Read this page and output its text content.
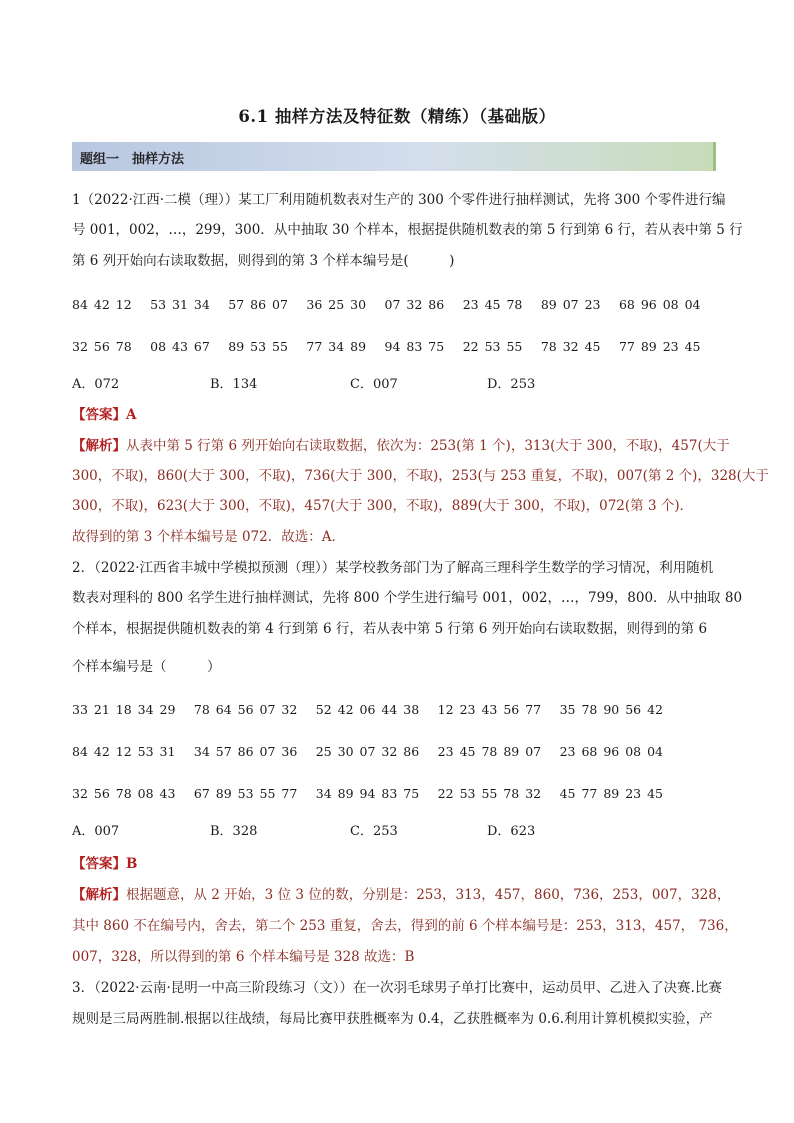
6.1 抽样方法及特征数（精练）（基础版）
题组一　抽样方法
1（2022·江西·二模（理））某工厂利用随机数表对生产的 300 个零件进行抽样测试，先将 300 个零件进行编
号 001，002，…，299，300．从中抽取 30 个样本，根据提供随机数表的第 5 行到第 6 行，若从表中第 5 行
第 6 列开始向右读取数据，则得到的第 3 个样本编号是(　　　)
84 42 12　 53 31 34　 57 86 07　 36 25 30　 07 32 86　 23 45 78　 89 07 23　 68 96 08 04
32 56 78　 08 43 67　 89 53 55　 77 34 89　 94 83 75　 22 53 55　 78 32 45　 77 89 23 45
A．072	B．134	C．007	D．253
【答案】A
【解析】从表中第 5 行第 6 列开始向右读取数据，依次为：253(第 1 个)，313(大于 300，不取)，457(大于
300，不取)，860(大于 300，不取)，736(大于 300，不取)，253(与 253 重复，不取)，007(第 2 个)，328(大于
300，不取)，623(大于 300，不取)，457(大于 300，不取)，889(大于 300，不取)，072(第 3 个)．
故得到的第 3 个样本编号是 072．故选：A．
2．（2022·江西省丰城中学模拟预测（理））某学校教务部门为了解高三理科学生数学的学习情况，利用随机
数表对理科的 800 名学生进行抽样测试，先将 800 个学生进行编号 001，002，…，799，800．从中抽取 80
个样本，根据提供随机数表的第 4 行到第 6 行，若从表中第 5 行第 6 列开始向右读取数据，则得到的第 6
个样本编号是（　　　）
33 21 18 34 29　 78 64 56 07 32　 52 42 06 44 38　 12 23 43 56 77　 35 78 90 56 42
84 42 12 53 31　 34 57 86 07 36　 25 30 07 32 86　 23 45 78 89 07　 23 68 96 08 04
32 56 78 08 43　 67 89 53 55 77　 34 89 94 83 75　 22 53 55 78 32　 45 77 89 23 45
A．007	B．328	C．253	D．623
【答案】B
【解析】根据题意，从 2 开始，3 位 3 位的数，分别是：253，313，457，860，736，253，007，328，
其中 860 不在编号内，舍去，第二个 253 重复，舍去，得到的前 6 个样本编号是：253，313，457， 736，
007，328，所以得到的第 6 个样本编号是 328 故选：B
3．（2022·云南·昆明一中高三阶段练习（文））在一次羽毛球男子单打比赛中，运动员甲、乙进入了决赛.比赛
规则是三局两胜制.根据以往战绩，每局比赛甲获胜概率为 0.4，乙获胜概率为 0.6.利用计算机模拟实验，产
